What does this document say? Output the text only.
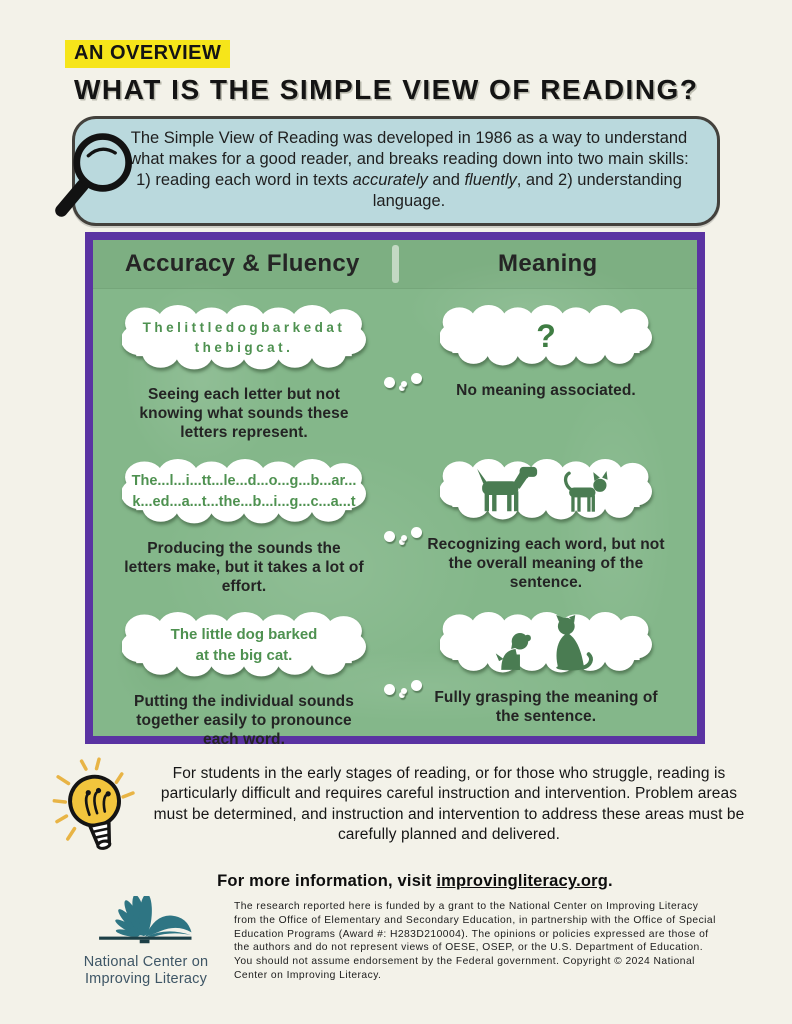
AN OVERVIEW
WHAT IS THE SIMPLE VIEW OF READING?

The Simple View of Reading was developed in 1986 as a way to understand what makes for a good reader, and breaks reading down into two main skills: 1) reading each word in texts accurately and fluently, and 2) understanding language.

Accuracy & Fluency	Meaning
Thelittledogbarkedat
thebigcat.
Seeing each letter but not knowing what sounds these letters represent.
?
No meaning associated.
The...l...i...tt...le...d...o...g...b...ar...
k...ed...a...t...the...b...i...g...c...a...t
Producing the sounds the letters make, but it takes a lot of effort.
Recognizing each word, but not the overall meaning of the sentence.
The little dog barked
at the big cat.
Putting the individual sounds together easily to pronounce each word.
Fully grasping the meaning of the sentence.

For students in the early stages of reading, or for those who struggle, reading is particularly difficult and requires careful instruction and intervention. Problem areas must be determined, and instruction and intervention to address these areas must be carefully planned and delivered.

For more information, visit improvingliteracy.org.

National Center on
Improving Literacy

The research reported here is funded by a grant to the National Center on Improving Literacy from the Office of Elementary and Secondary Education, in partnership with the Office of Special Education Programs (Award #: H283D210004). The opinions or policies expressed are those of the authors and do not represent views of OESE, OSEP, or the U.S. Department of Education. You should not assume endorsement by the Federal government. Copyright © 2024 National Center on Improving Literacy.
